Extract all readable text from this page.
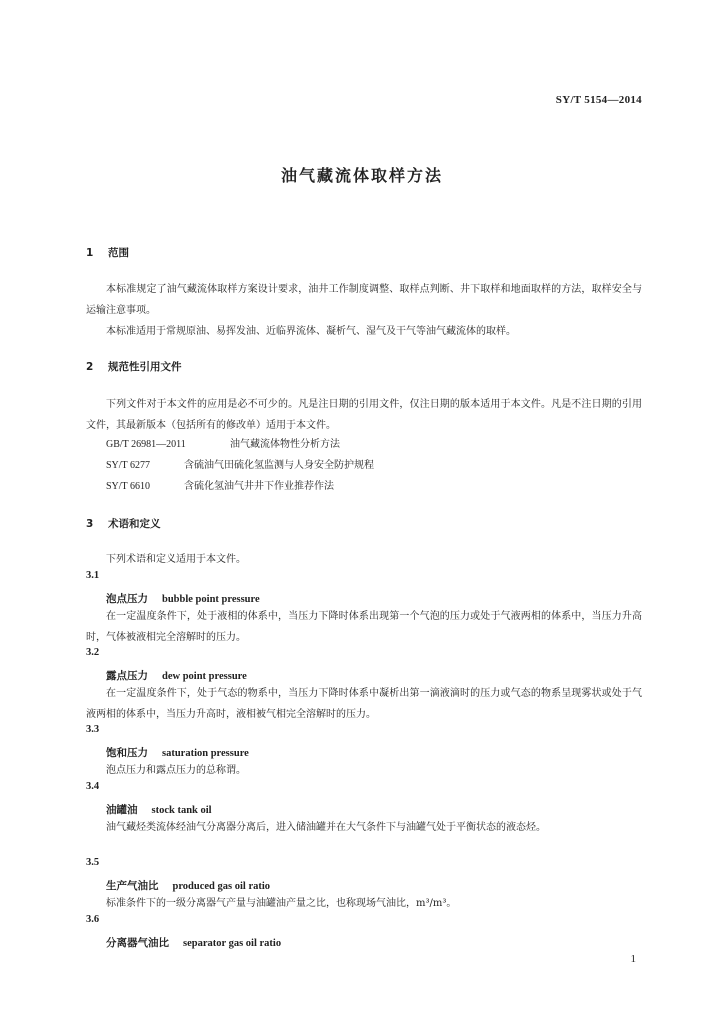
SY/T 5154—2014
油气藏流体取样方法
1 范围
本标准规定了油气藏流体取样方案设计要求，油井工作制度调整、取样点判断、井下取样和地面取样的方法，取样安全与运输注意事项。
本标准适用于常规原油、易挥发油、近临界流体、凝析气、湿气及干气等油气藏流体的取样。
2 规范性引用文件
下列文件对于本文件的应用是必不可少的。凡是注日期的引用文件，仅注日期的版本适用于本文件。凡是不注日期的引用文件，其最新版本（包括所有的修改单）适用于本文件。
GB/T 26981—2011	油气藏流体物性分析方法
SY/T 6277	含硫油气田硫化氢监测与人身安全防护规程
SY/T 6610	含硫化氢油气井井下作业推荐作法
3 术语和定义
下列术语和定义适用于本文件。
3.1
泡点压力 bubble point pressure
在一定温度条件下，处于液相的体系中，当压力下降时体系出现第一个气泡的压力或处于气液两相的体系中，当压力升高时，气体被液相完全溶解时的压力。
3.2
露点压力 dew point pressure
在一定温度条件下，处于气态的物系中，当压力下降时体系中凝析出第一滴液滴时的压力或气态的物系呈现雾状或处于气液两相的体系中，当压力升高时，液相被气相完全溶解时的压力。
3.3
饱和压力 saturation pressure
泡点压力和露点压力的总称谓。
3.4
油罐油 stock tank oil
油气藏烃类流体经油气分离器分离后，进入储油罐并在大气条件下与油罐气处于平衡状态的液态烃。
3.5
生产气油比 produced gas oil ratio
标准条件下的一级分离器气产量与油罐油产量之比，也称现场气油比，m³/m³。
3.6
分离器气油比 separator gas oil ratio
1
